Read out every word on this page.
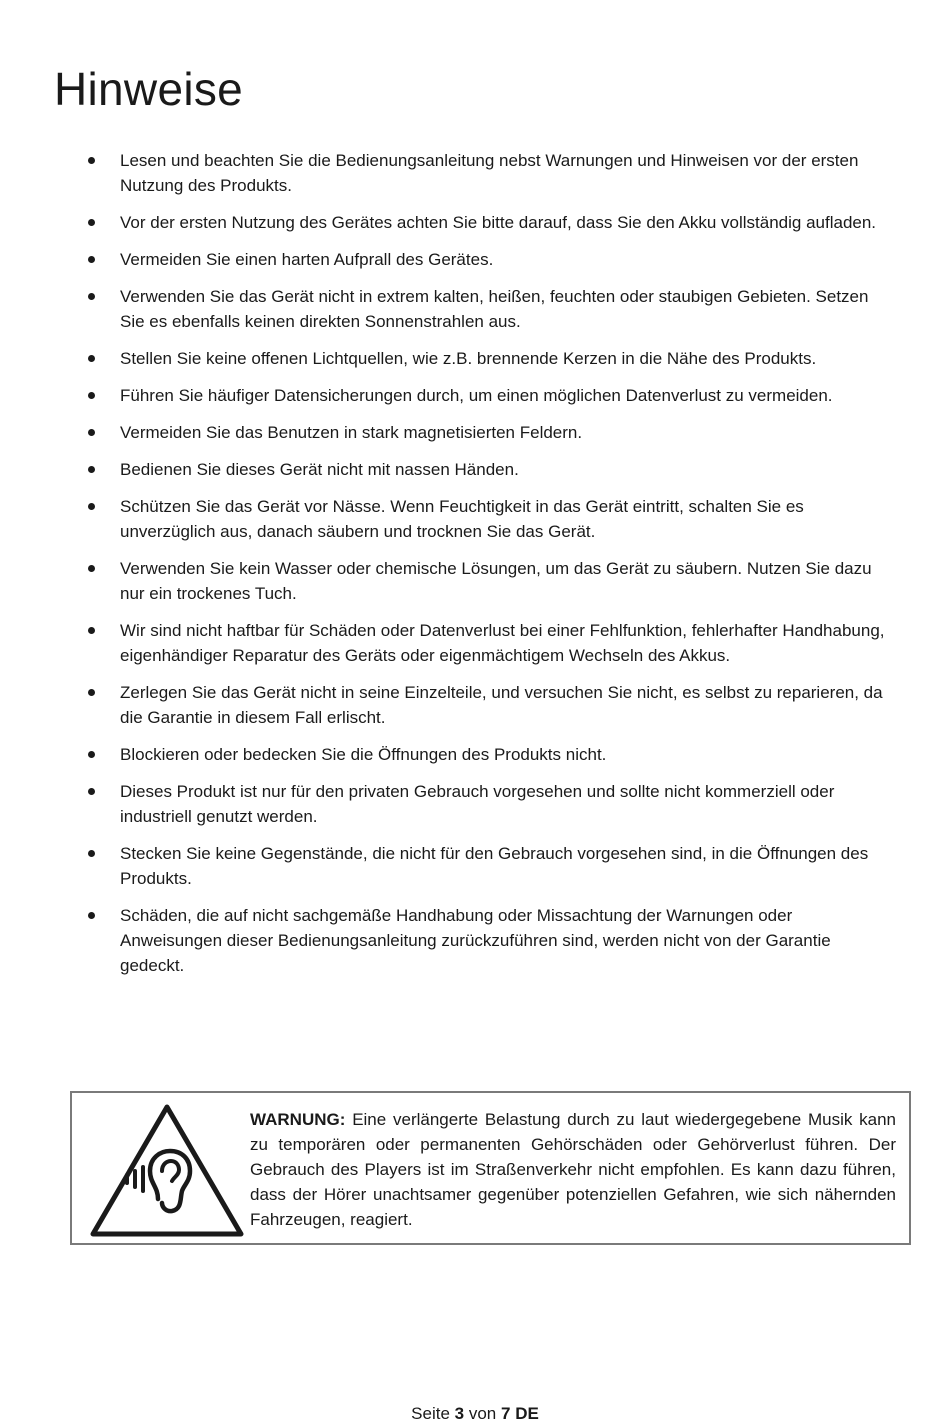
Hinweise
Lesen und beachten Sie die Bedienungsanleitung nebst Warnungen und Hinweisen vor der ersten Nutzung des Produkts.
Vor der ersten Nutzung des Gerätes achten Sie bitte darauf, dass Sie den Akku vollständig aufladen.
Vermeiden Sie einen harten Aufprall des Gerätes.
Verwenden Sie das Gerät nicht in extrem kalten, heißen, feuchten oder staubigen Gebieten. Setzen Sie es ebenfalls keinen direkten Sonnenstrahlen aus.
Stellen Sie keine offenen Lichtquellen, wie z.B. brennende Kerzen in die Nähe des Produkts.
Führen Sie häufiger Datensicherungen durch, um einen möglichen Datenverlust zu vermeiden.
Vermeiden Sie das Benutzen in stark magnetisierten Feldern.
Bedienen Sie dieses Gerät nicht mit nassen Händen.
Schützen Sie das Gerät vor Nässe. Wenn Feuchtigkeit in das Gerät eintritt, schalten Sie es unverzüglich aus, danach säubern und trocknen Sie das Gerät.
Verwenden Sie kein Wasser oder chemische Lösungen, um das Gerät zu säubern. Nutzen Sie dazu nur ein trockenes Tuch.
Wir sind nicht haftbar für Schäden oder Datenverlust bei einer Fehlfunktion, fehlerhafter Handhabung, eigenhändiger Reparatur des Geräts oder eigenmächtigem Wechseln des Akkus.
Zerlegen Sie das Gerät nicht in seine Einzelteile, und versuchen Sie nicht, es selbst zu reparieren, da die Garantie in diesem Fall erlischt.
Blockieren oder bedecken Sie die Öffnungen des Produkts nicht.
Dieses Produkt ist nur für den privaten Gebrauch vorgesehen und sollte nicht kommerziell oder industriell genutzt werden.
Stecken Sie keine Gegenstände, die nicht für den Gebrauch vorgesehen sind, in die Öffnungen des Produkts.
Schäden, die auf nicht sachgemäße Handhabung oder Missachtung der Warnungen oder Anweisungen dieser Bedienungsanleitung zurückzuführen sind, werden nicht von der Garantie gedeckt.

WARNUNG: Eine verlängerte Belastung durch zu laut wiedergegebene Musik kann zu temporären oder permanenten Gehörschäden oder Gehörverlust führen. Der Gebrauch des Players ist im Straßenverkehr nicht empfohlen. Es kann dazu führen, dass der Hörer unachtsamer gegenüber potenziellen Gefahren, wie sich nähernden Fahrzeugen, reagiert.

Seite 3 von 7 DE
